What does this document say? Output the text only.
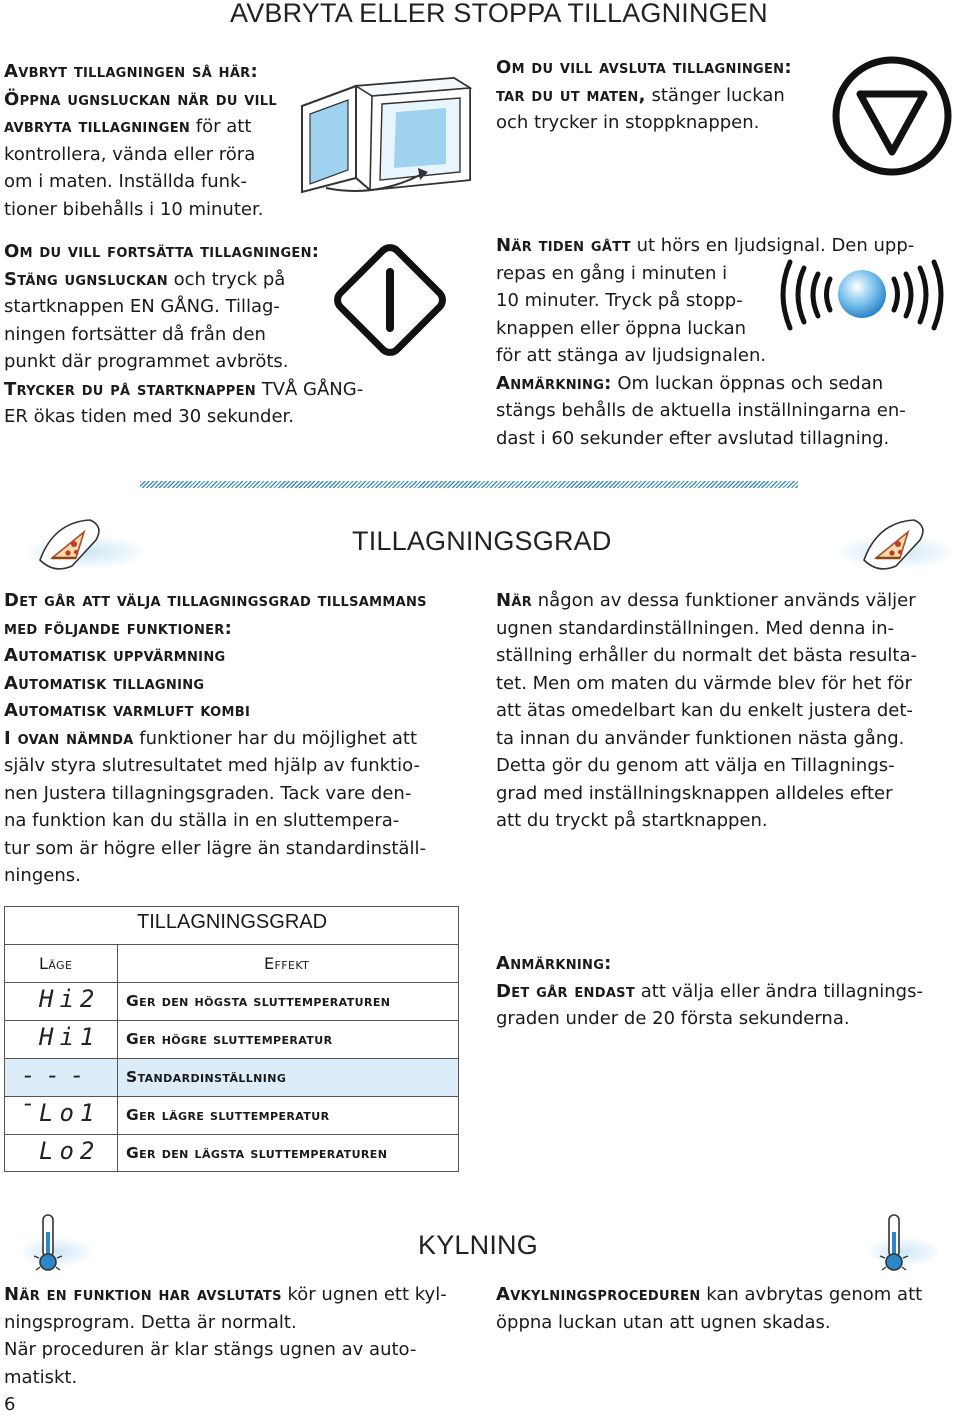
AVBRYTA ELLER STOPPA TILLAGNINGEN
Avbryt tillagningen så här:
Öppna ugnsluckan när du vill
avbryta tillagningen för att
kontrollera, vända eller röra
om i maten. Inställda funk-
tioner bibehålls i 10 minuter.
Om du vill fortsätta tillagningen:
Stäng ugnsluckan och tryck på
startknappen EN GÅNG. Tillag-
ningen fortsätter då från den
punkt där programmet avbröts.
Trycker du på startknappen TVÅ GÅNG-
ER ökas tiden med 30 sekunder.
Om du vill avsluta tillagningen:
tar du ut maten, stänger luckan
och trycker in stoppknappen.
När tiden gått ut hörs en ljudsignal. Den upp-
repas en gång i minuten i
10 minuter. Tryck på stopp-
knappen eller öppna luckan
för att stänga av ljudsignalen.
Anmärkning: Om luckan öppnas och sedan
stängs behålls de aktuella inställningarna en-
dast i 60 sekunder efter avslutad tillagning.
TILLAGNINGSGRAD
Det går att välja tillagningsgrad tillsammans
med följande funktioner:
Automatisk uppvärmning
Automatisk tillagning
Automatisk varmluft kombi
I ovan nämnda funktioner har du möjlighet att
själv styra slutresultatet med hjälp av funktio-
nen Justera tillagningsgraden. Tack vare den-
na funktion kan du ställa in en sluttempera-
tur som är högre eller lägre än standardinställ-
ningens.
När någon av dessa funktioner används väljer
ugnen standardinställningen. Med denna in-
ställning erhåller du normalt det bästa resulta-
tet. Men om maten du värmde blev för het för
att ätas omedelbart kan du enkelt justera det-
ta innan du använder funktionen nästa gång.
Detta gör du genom att välja en Tillagnings-
grad med inställningsknappen alldeles efter
att du tryckt på startknappen.
TILLAGNINGSGRAD
Läge	Effekt
Hi2 Ger den högsta sluttemperaturen
Hi1 Ger högre sluttemperatur
----
Standardinställning
Lo1 Ger lägre sluttemperatur
Lo2 Ger den lägsta sluttemperaturen
Anmärkning:
Det går endast att välja eller ändra tillagnings-
graden under de 20 första sekunderna.
KYLNING
När en funktion har avslutats kör ugnen ett kyl-
ningsprogram. Detta är normalt.
När proceduren är klar stängs ugnen av auto-
matiskt.
Avkylningsproceduren kan avbrytas genom att
öppna luckan utan att ugnen skadas.
6
